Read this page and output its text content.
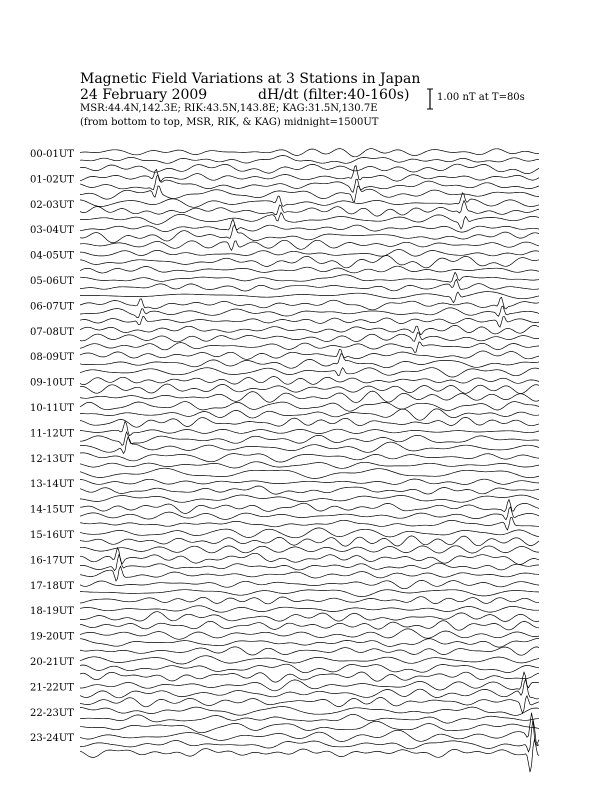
Magnetic Field Variations at 3 Stations in Japan

24 February 2009	dH/dt (filter:40-160s)

MSR:44.4N,142.3E; RIK:43.5N,143.8E; KAG:31.5N,130.7E

(from bottom to top, MSR, RIK, & KAG) midnight=1500UT

1.00 nT at T=80s

00-01UT
01-02UT
02-03UT
03-04UT
04-05UT
05-06UT
06-07UT
07-08UT
08-09UT
09-10UT
10-11UT
11-12UT
12-13UT
13-14UT
14-15UT
15-16UT
16-17UT
17-18UT
18-19UT
19-20UT
20-21UT
21-22UT
22-23UT
23-24UT
